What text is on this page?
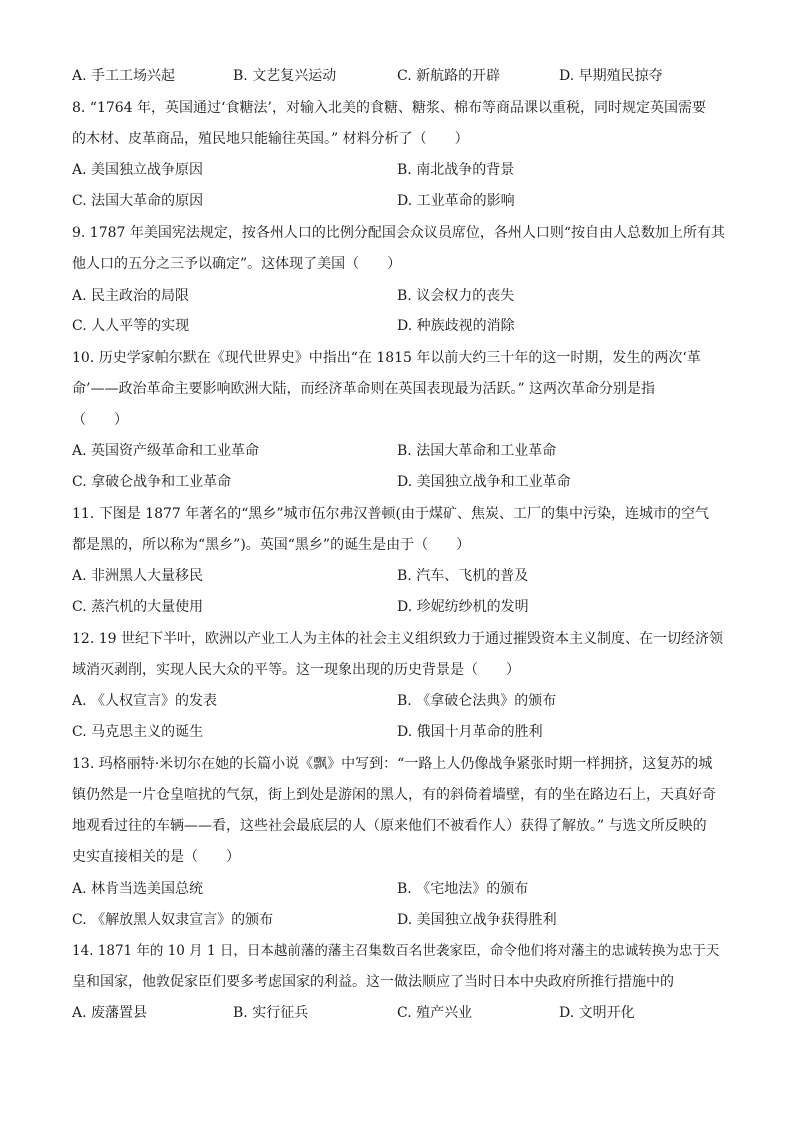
A. 手工工场兴起	B. 文艺复兴运动	C. 新航路的开辟	D. 早期殖民掠夺
8. “1764 年，英国通过‘食糖法’，对输入北美的食糖、糖浆、棉布等商品课以重税，同时规定英国需要
的木材、皮革商品，殖民地只能输往英国。” 材料分析了（　　）
A. 美国独立战争原因	B. 南北战争的背景
C. 法国大革命的原因	D. 工业革命的影响
9. 1787 年美国宪法规定，按各州人口的比例分配国会众议员席位，各州人口则“按自由人总数加上所有其
他人口的五分之三予以确定”。这体现了美国（　　）
A. 民主政治的局限	B. 议会权力的丧失
C. 人人平等的实现	D. 种族歧视的消除
10. 历史学家帕尔默在《现代世界史》中指出“在 1815 年以前大约三十年的这一时期，发生的两次‘革
命’——政治革命主要影响欧洲大陆，而经济革命则在英国表现最为活跃。” 这两次革命分别是指
（　　）
A. 英国资产级革命和工业革命	B. 法国大革命和工业革命
C. 拿破仑战争和工业革命	D. 美国独立战争和工业革命
11. 下图是 1877 年著名的“黑乡”城市伍尔弗汉普顿(由于煤矿、焦炭、工厂的集中污染，连城市的空气
都是黑的，所以称为“黑乡”)。英国“黑乡”的诞生是由于（　　）
A. 非洲黑人大量移民	B. 汽车、飞机的普及
C. 蒸汽机的大量使用	D. 珍妮纺纱机的发明
12. 19 世纪下半叶，欧洲以产业工人为主体的社会主义组织致力于通过摧毁资本主义制度、在一切经济领
域消灭剥削，实现人民大众的平等。这一现象出现的历史背景是（　　）
A. 《人权宣言》的发表	B. 《拿破仑法典》的颁布
C. 马克思主义的诞生	D. 俄国十月革命的胜利
13. 玛格丽特·米切尔在她的长篇小说《飘》中写到：“一路上人仍像战争紧张时期一样拥挤，这复苏的城
镇仍然是一片仓皇喧扰的气氛，街上到处是游闲的黑人，有的斜倚着墙壁，有的坐在路边石上，天真好奇
地观看过往的车辆——看，这些社会最底层的人（原来他们不被看作人）获得了解放。” 与选文所反映的
史实直接相关的是（　　）
A. 林肯当选美国总统	B. 《宅地法》的颁布
C. 《解放黑人奴隶宣言》的颁布	D. 美国独立战争获得胜利
14. 1871 年的 10 月 1 日，日本越前藩的藩主召集数百名世袭家臣，命令他们将对藩主的忠诚转换为忠于天
皇和国家，他敦促家臣们要多考虑国家的利益。这一做法顺应了当时日本中央政府所推行措施中的
A. 废藩置县	B. 实行征兵	C. 殖产兴业	D. 文明开化
